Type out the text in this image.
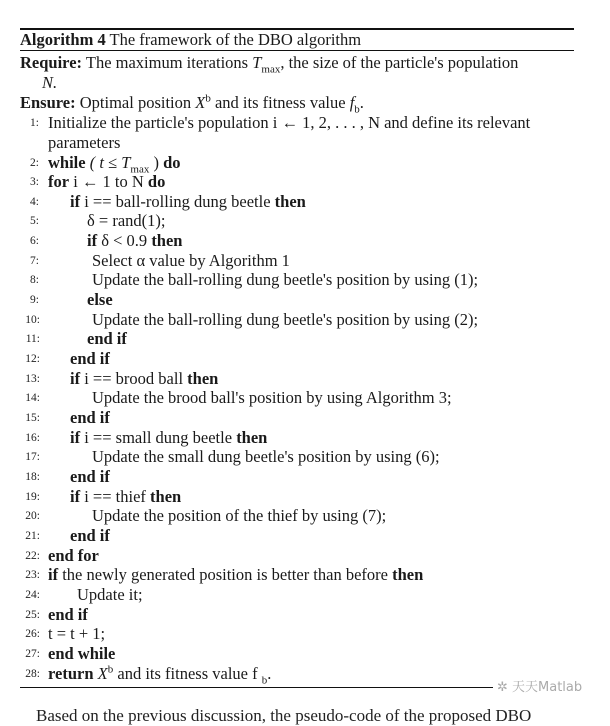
Algorithm 4 The framework of the DBO algorithm
Require: The maximum iterations $T_{max}$, the size of the particle's population
N.
Ensure: Optimal position $X^b$ and its fitness value $f_b$.
1: Initialize the particle's population i ← 1, 2, . . . , N and define its relevant
parameters
2: while ( $t \le T_{max}$ ) do
3: for i ← 1 to N do
4: if i == ball-rolling dung beetle then
5:	δ = rand(1);
6:	if δ < 0.9 then
7:	Select α value by Algorithm 1
8:	Update the ball-rolling dung beetle's position by using (1);
9:	else
10:	Update the ball-rolling dung beetle's position by using (2);
11:	end if
12: end if
13: if i == brood ball then
14:	Update the brood ball's position by using Algorithm 3;
15: end if
16: if i == small dung beetle then
17:	Update the small dung beetle's position by using (6);
18: end if
19: if i == thief then
20:	Update the position of the thief by using (7);
21: end if
22: end for
23: if the newly generated position is better than before then
24: Update it;
25: end if
26: t = t + 1;
27: end while
28: return $X^b$ and its fitness value f $_b$.
✲ 天天Matlab
Based on the previous discussion, the pseudo-code of the proposed DBO
